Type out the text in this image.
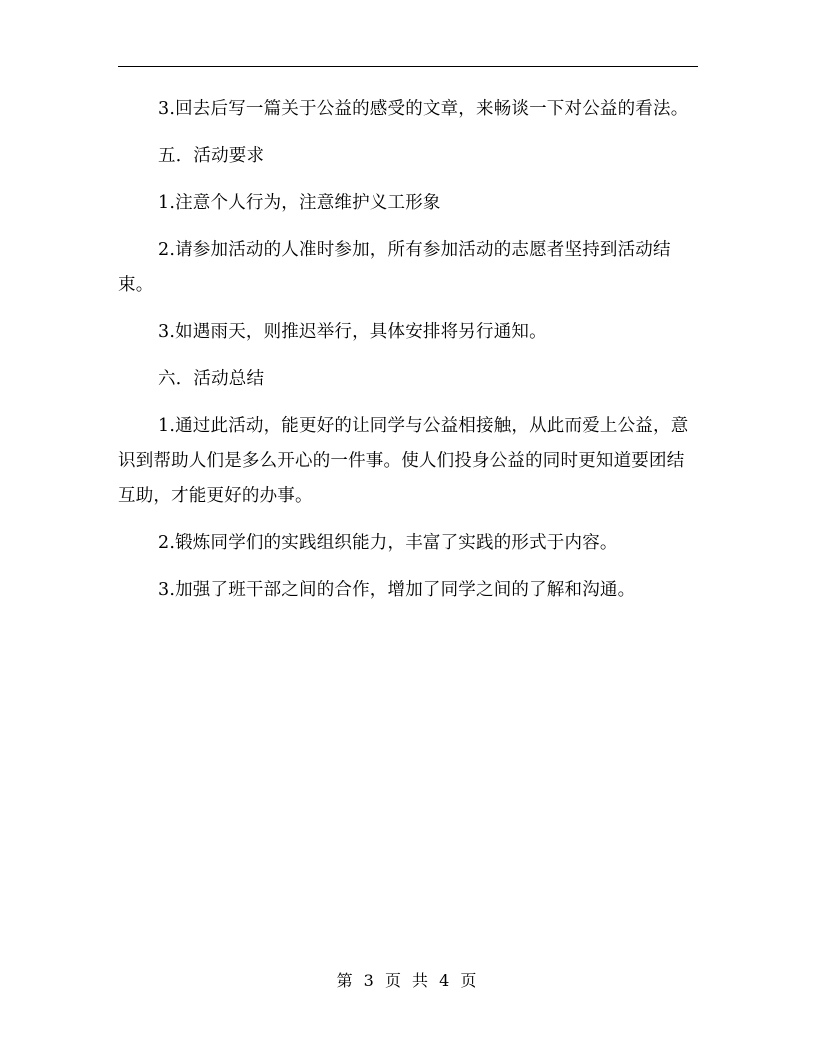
3.回去后写一篇关于公益的感受的文章，来畅谈一下对公益的看法。

五．活动要求

1.注意个人行为，注意维护义工形象

2.请参加活动的人准时参加，所有参加活动的志愿者坚持到活动结束。

3.如遇雨天，则推迟举行，具体安排将另行通知。

六．活动总结

1.通过此活动，能更好的让同学与公益相接触，从此而爱上公益，意识到帮助人们是多么开心的一件事。使人们投身公益的同时更知道要团结互助，才能更好的办事。

2.锻炼同学们的实践组织能力，丰富了实践的形式于内容。

3.加强了班干部之间的合作，增加了同学之间的了解和沟通。

第 3 页 共 4 页
